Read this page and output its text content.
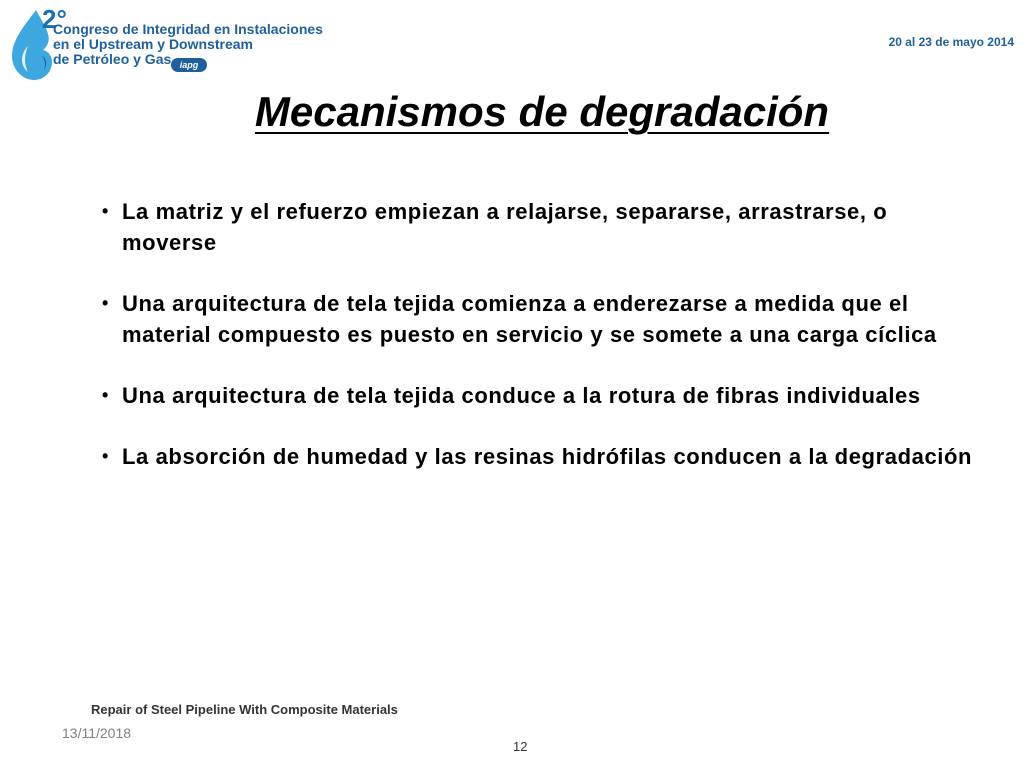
2°
Congreso de Integridad en Instalaciones
en el Upstream y Downstream
de Petróleo y Gas iapg
20 al 23 de mayo 2014
Mecanismos de degradación
• La matriz y el refuerzo empiezan a relajarse, separarse, arrastrarse, o moverse
• Una arquitectura de tela tejida comienza a enderezarse a medida que el material compuesto es puesto en servicio y se somete a una carga cíclica
• Una arquitectura de tela tejida conduce a la rotura de fibras individuales
• La absorción de humedad y las resinas hidrófilas conducen a la degradación
Repair of Steel Pipeline With Composite Materials
13/11/2018
12
